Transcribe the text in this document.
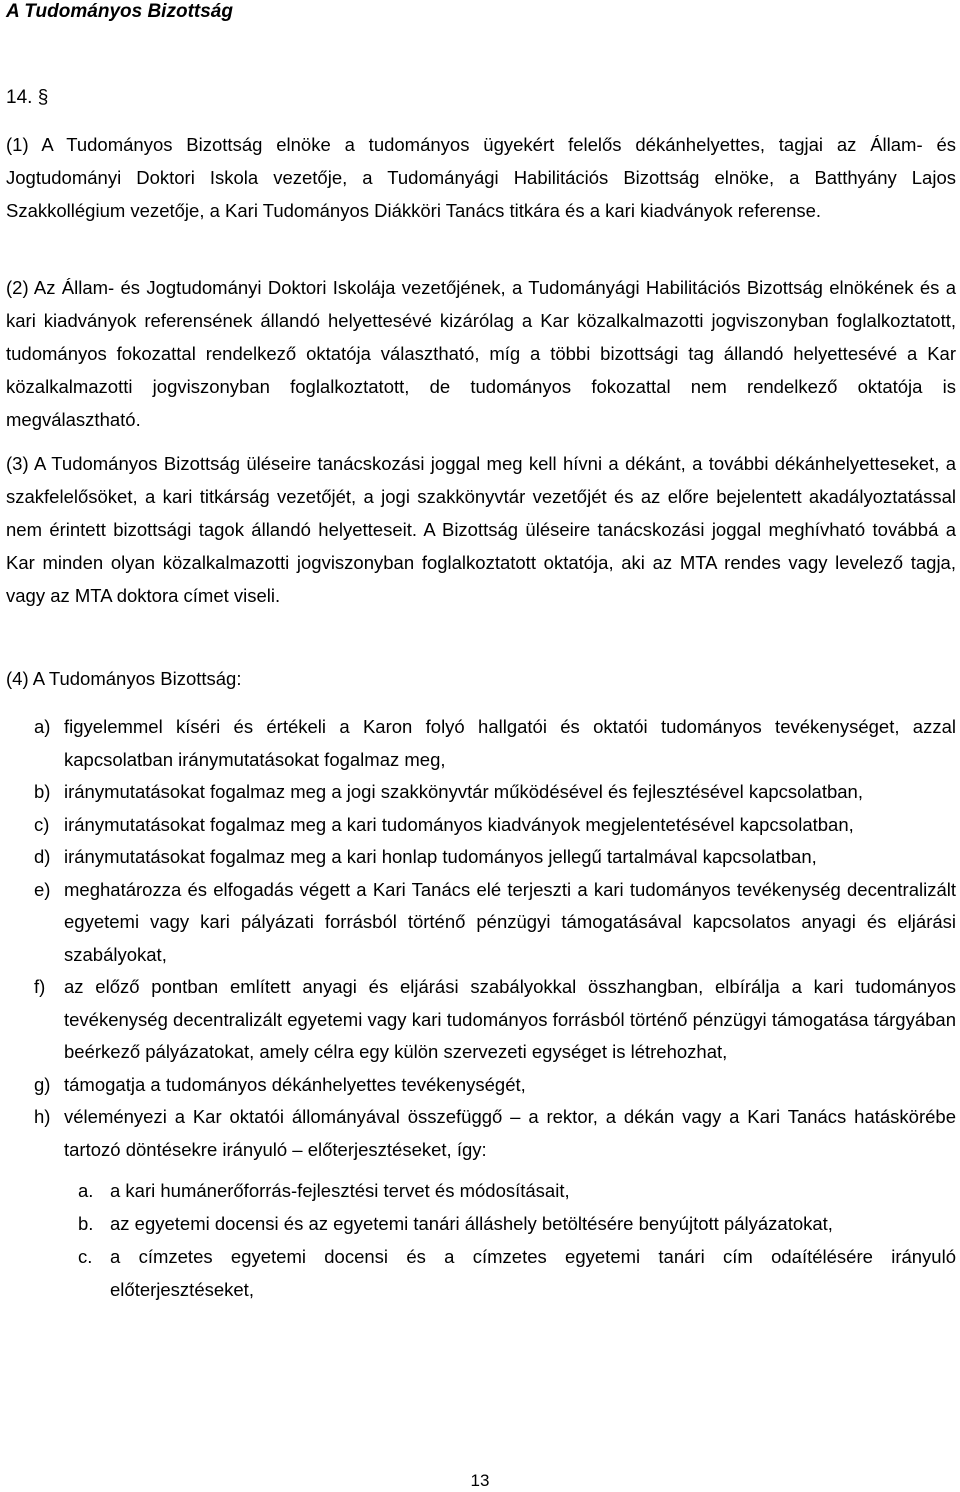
A Tudományos Bizottság
14. §

(1) A Tudományos Bizottság elnöke a tudományos ügyekért felelős dékánhelyettes, tagjai az Állam- és Jogtudományi Doktori Iskola vezetője, a Tudományági Habilitációs Bizottság elnöke, a Batthyány Lajos Szakkollégium vezetője, a Kari Tudományos Diákköri Tanács titkára és a kari kiadványok referense.

(2) Az Állam- és Jogtudományi Doktori Iskolája vezetőjének, a Tudományági Habilitációs Bizottság elnökének és a kari kiadványok referensének állandó helyettesévé kizárólag a Kar közalkalmazotti jogviszonyban foglalkoztatott, tudományos fokozattal rendelkező oktatója választható, míg a többi bizottsági tag állandó helyettesévé a Kar közalkalmazotti jogviszonyban foglalkoztatott, de tudományos fokozattal nem rendelkező oktatója is megválasztható.

(3) A Tudományos Bizottság üléseire tanácskozási joggal meg kell hívni a dékánt, a további dékánhelyetteseket, a szakfelelősöket, a kari titkárság vezetőjét, a jogi szakkönyvtár vezetőjét és az előre bejelentett akadályoztatással nem érintett bizottsági tagok állandó helyetteseit. A Bizottság üléseire tanácskozási joggal meghívható továbbá a Kar minden olyan közalkalmazotti jogviszonyban foglalkoztatott oktatója, aki az MTA rendes vagy levelező tagja, vagy az MTA doktora címet viseli.

(4) A Tudományos Bizottság:
a) figyelemmel kíséri és értékeli a Karon folyó hallgatói és oktatói tudományos tevékenységet, azzal kapcsolatban iránymutatásokat fogalmaz meg,
b) iránymutatásokat fogalmaz meg a jogi szakkönyvtár működésével és fejlesztésével kapcsolatban,
c) iránymutatásokat fogalmaz meg a kari tudományos kiadványok megjelentetésével kapcsolatban,
d) iránymutatásokat fogalmaz meg a kari honlap tudományos jellegű tartalmával kapcsolatban,
e) meghatározza és elfogadás végett a Kari Tanács elé terjeszti a kari tudományos tevékenység decentralizált egyetemi vagy kari pályázati forrásból történő pénzügyi támogatásával kapcsolatos anyagi és eljárási szabályokat,
f) az előző pontban említett anyagi és eljárási szabályokkal összhangban, elbírálja a kari tudományos tevékenység decentralizált egyetemi vagy kari tudományos forrásból történő pénzügyi támogatása tárgyában beérkező pályázatokat, amely célra egy külön szervezeti egységet is létrehozhat,
g) támogatja a tudományos dékánhelyettes tevékenységét,
h) véleményezi a Kar oktatói állományával összefüggő – a rektor, a dékán vagy a Kari Tanács hatáskörébe tartozó döntésekre irányuló – előterjesztéseket, így:
a. a kari humánerőforrás-fejlesztési tervet és módosításait,
b. az egyetemi docensi és az egyetemi tanári álláshely betöltésére benyújtott pályázatokat,
c. a címzetes egyetemi docensi és a címzetes egyetemi tanári cím odaítélésére irányuló előterjesztéseket,
13
